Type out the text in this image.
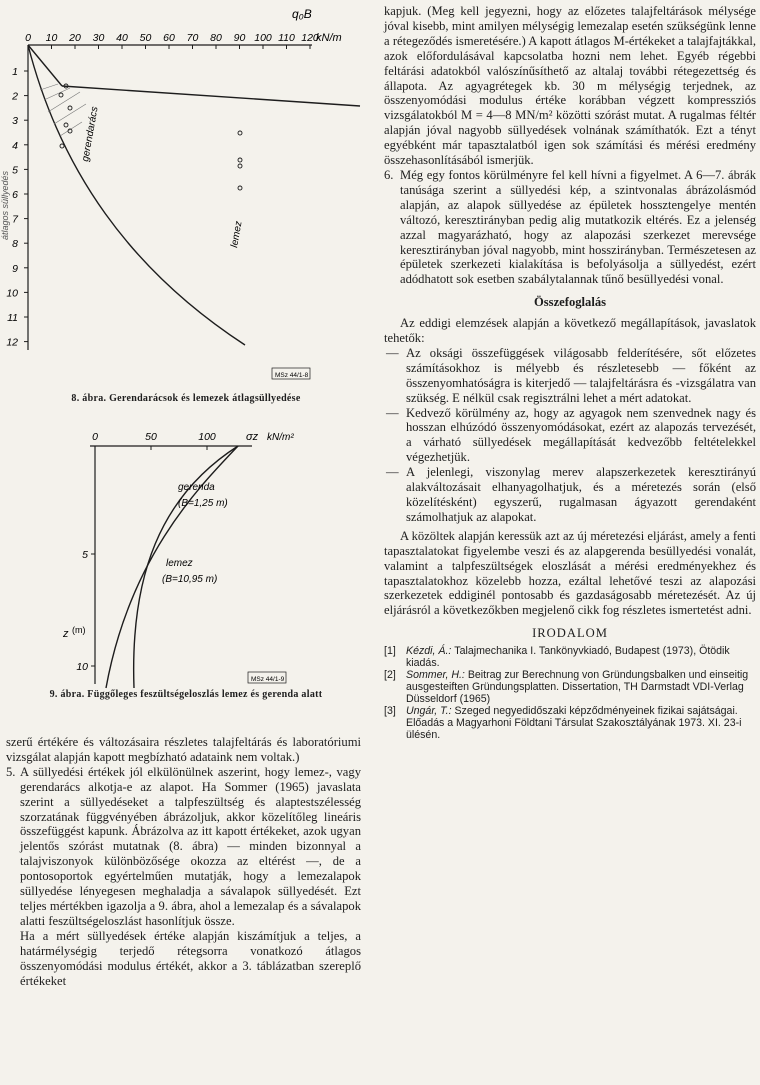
q₀B
0 10 20 30 40 50 60 70 80 90 100 110 120
kN/m
1
2
3
4
5
6
7
8
9
10
11
12
átlagos süllyedés
gerendarács
lemez
MSz 44/1-8
8. ábra. Gerendarácsok és lemezek átlagsüllyedése
0	50	100	σz kN/m²
5
10
z (m)
gerenda
(B=1,25 m)
lemez
(B=10,95 m)
MSz 44/1-9
9. ábra. Függőleges feszültségeloszlás lemez és gerenda alatt

szerű értékére és változásaira részletes talajfeltárás és laboratóriumi vizsgálat alapján kapott megbízható adataink nem voltak.)

5. A süllyedési értékek jól elkülönülnek aszerint, hogy lemez-, vagy gerendarács alkotja-e az alapot. Ha Sommer (1965) javaslata szerint a süllyedéseket a talpfeszültség és alaptestszélesség szorzatának függvényében ábrázoljuk, akkor közelítőleg lineáris összefüggést kapunk. Ábrázolva az itt kapott értékeket, azok ugyan jelentős szórást mutatnak (8. ábra) — minden bizonnyal a talajviszonyok különbözősége okozza az eltérést —, de a pontosoportok egyértelműen mutatják, hogy a lemezalapok süllyedése lényegesen meghaladja a sávalapok süllyedését. Ezt teljes mértékben igazolja a 9. ábra, ahol a lemezalap és a sávalapok alatti feszültségeloszlást hasonlítjuk össze.

Ha a mért süllyedések értéke alapján kiszámítjuk a teljes, a határmélységig terjedő rétegsorra vonatkozó átlagos összenyomódási modulus értékét, akkor a 3. táblázatban szereplő értékeket

kapjuk. (Meg kell jegyezni, hogy az előzetes talajfeltárások mélysége jóval kisebb, mint amilyen mélységig lemezalap esetén szükségünk lenne a rétegeződés ismeretésére.) A kapott átlagos M-értékeket a talajfajtákkal, azok előfordulásával kapcsolatba hozni nem lehet. Egyéb régebbi feltárási adatokból valószínűsíthető az altalaj további rétegezettség és állapota. Az agyagrétegek kb. 30 m mélységig terjednek, az összenyomódási modulus értéke korábban végzett kompressziós vizsgálatokból M = 4—8 MN/m² közötti szórást mutat. A rugalmas féltér alapján jóval nagyobb süllyedések volnának számíthatók. Ezt a tényt egyébként már tapasztalatból igen sok számítási és mérési eredmény összehasonlításából ismerjük.

6. Még egy fontos körülményre fel kell hívni a figyelmet. A 6—7. ábrák tanúsága szerint a süllyedési kép, a szintvonalas ábrázolásmód alapján, az alapok süllyedése az épületek hossztengelye mentén változó, keresztirányban pedig alig mutatkozik eltérés. Ez a jelenség azzal magyarázható, hogy az alapozási szerkezet merevsége keresztirányban jóval nagyobb, mint hosszirányban. Természetesen az épületek szerkezeti kialakítása is befolyásolja a süllyedést, ezért adódhatott sok esetben szabálytalannak tűnő besüllyedési vonal.

Összefoglalás

Az eddigi elemzések alapján a következő megállapítások, javaslatok tehetők:

— Az oksági összefüggések világosabb felderítésére, sőt előzetes számításokhoz is mélyebb és részletesebb — főként az összenyomhatóságra is kiterjedő — talajfeltárásra és -vizsgálatra van szükség. E nélkül csak regisztrálni lehet a mért adatokat.

— Kedvező körülmény az, hogy az agyagok nem szenvednek nagy és hosszan elhúzódó összenyomódásokat, ezért az alapozás tervezését, a várható süllyedések megállapítását kedvezőbb feltételekkel végezhetjük.

— A jelenlegi, viszonylag merev alapszerkezetek keresztirányú alakváltozásait elhanyagolhatjuk, és a méretezés során (első közelítésként) egyszerű, rugalmasan ágyazott gerendaként számolhatjuk az alapokat.

A közöltek alapján keressük azt az új méretezési eljárást, amely a fenti tapasztalatokat figyelembe veszi és az alapgerenda besüllyedési vonalát, valamint a talpfeszültségek eloszlását a mérési eredményekhez és tapasztalatokhoz közelebb hozza, ezáltal lehetővé teszi az alapozási szerkezetek eddiginél pontosabb és gazdaságosabb méretezését. Az új eljárásról a következőkben megjelenő cikk fog részletes ismertetést adni.

IRODALOM
[1] Kézdi, Á.: Talajmechanika I. Tankönyvkiadó, Budapest (1973), Ötödik kiadás.
[2] Sommer, H.: Beitrag zur Berechnung von Gründungsbalken und einseitig ausgesteiften Gründungsplatten. Dissertation, TH Darmstadt VDI-Verlag Düsseldorf (1965)
[3] Ungár, T.: Szeged negyedidőszaki képződményeinek fizikai sajátságai. Előadás a Magyarhoni Földtani Társulat Szakosztályának 1973. XI. 23-i ülésén.
